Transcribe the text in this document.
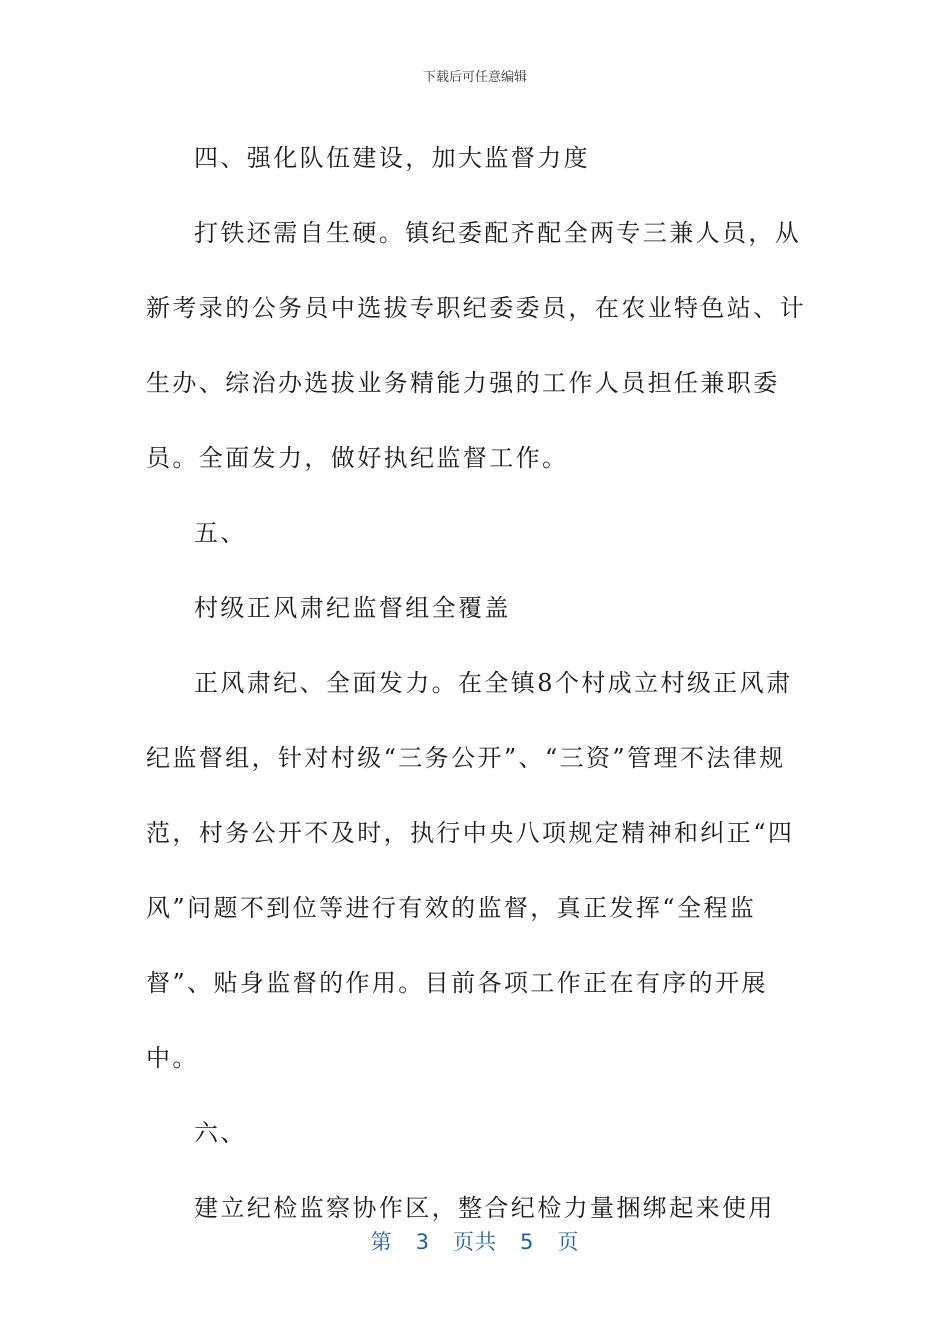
下载后可任意编辑

四、强化队伍建设，加大监督力度

打铁还需自生硬。镇纪委配齐配全两专三兼人员，从新考录的公务员中选拔专职纪委委员，在农业特色站、计生办、综治办选拔业务精能力强的工作人员担任兼职委员。全面发力，做好执纪监督工作。

五、

村级正风肃纪监督组全覆盖

正风肃纪、全面发力。在全镇8个村成立村级正风肃纪监督组，针对村级“三务公开”、“三资”管理不法律规范，村务公开不及时，执行中央八项规定精神和纠正“四风”问题不到位等进行有效的监督，真正发挥“全程监督”、贴身监督的作用。目前各项工作正在有序的开展中。

六、

建立纪检监察协作区，整合纪检力量捆绑起来使用

第 3 页共 5 页
